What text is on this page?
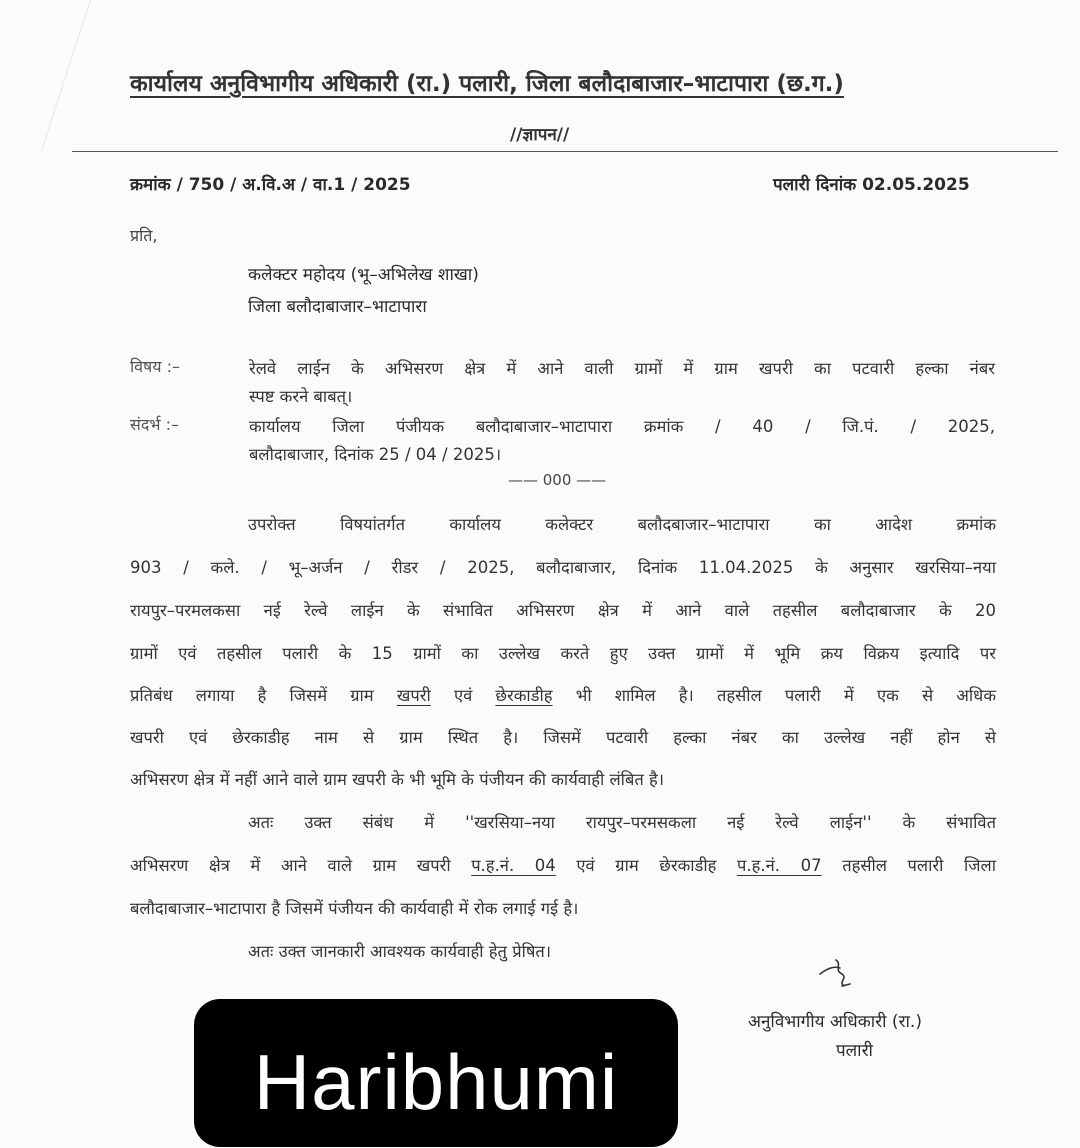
कार्यालय अनुविभागीय अधिकारी (रा.) पलारी, जिला बलौदाबाजार–भाटापारा (छ.ग.)
//ज्ञापन//
क्रमांक / 750 / अ.वि.अ / वा.1 / 2025	पलारी दिनांक 02.05.2025
प्रति,
कलेक्टर महोदय (भू–अभिलेख शाखा)
जिला बलौदाबाजार–भाटापारा
विषय :–	रेलवे लाईन के अभिसरण क्षेत्र में आने वाली ग्रामों में ग्राम खपरी का पटवारी हल्का नंबर
स्पष्ट करने बाबत्।
संदर्भ :–	कार्यालय जिला पंजीयक बलौदाबाजार–भाटापारा क्रमांक / 40 / जि.पं. / 2025,
बलौदाबाजार, दिनांक 25 / 04 / 2025।
—— 000 ——
उपरोक्त विषयांतर्गत कार्यालय कलेक्टर बलौदबाजार–भाटापारा का आदेश क्रमांक
903 / कले. / भू–अर्जन / रीडर / 2025, बलौदाबाजार, दिनांक 11.04.2025 के अनुसार खरसिया–नया
रायपुर–परमलकसा नई रेल्वे लाईन के संभावित अभिसरण क्षेत्र में आने वाले तहसील बलौदाबाजार के 20
ग्रामों एवं तहसील पलारी के 15 ग्रामों का उल्लेख करते हुए उक्त ग्रामों में भूमि क्रय विक्रय इत्यादि पर
प्रतिबंध लगाया है जिसमें ग्राम खपरी एवं छेरकाडीह भी शामिल है। तहसील पलारी में एक से अधिक
खपरी एवं छेरकाडीह नाम से ग्राम स्थित है। जिसमें पटवारी हल्का नंबर का उल्लेख नहीं होन से
अभिसरण क्षेत्र में नहीं आने वाले ग्राम खपरी के भी भूमि के पंजीयन की कार्यवाही लंबित है।
अतः उक्त संबंध में ''खरसिया–नया रायपुर–परमसकला नई रेल्वे लाईन'' के संभावित
अभिसरण क्षेत्र में आने वाले ग्राम खपरी प.ह.नं. 04 एवं ग्राम छेरकाडीह प.ह.नं. 07 तहसील पलारी जिला
बलौदाबाजार–भाटापारा है जिसमें पंजीयन की कार्यवाही में रोक लगाई गई है।
अतः उक्त जानकारी आवश्यक कार्यवाही हेतु प्रेषित।
अनुविभागीय अधिकारी (रा.)
पलारी
Haribhumi
